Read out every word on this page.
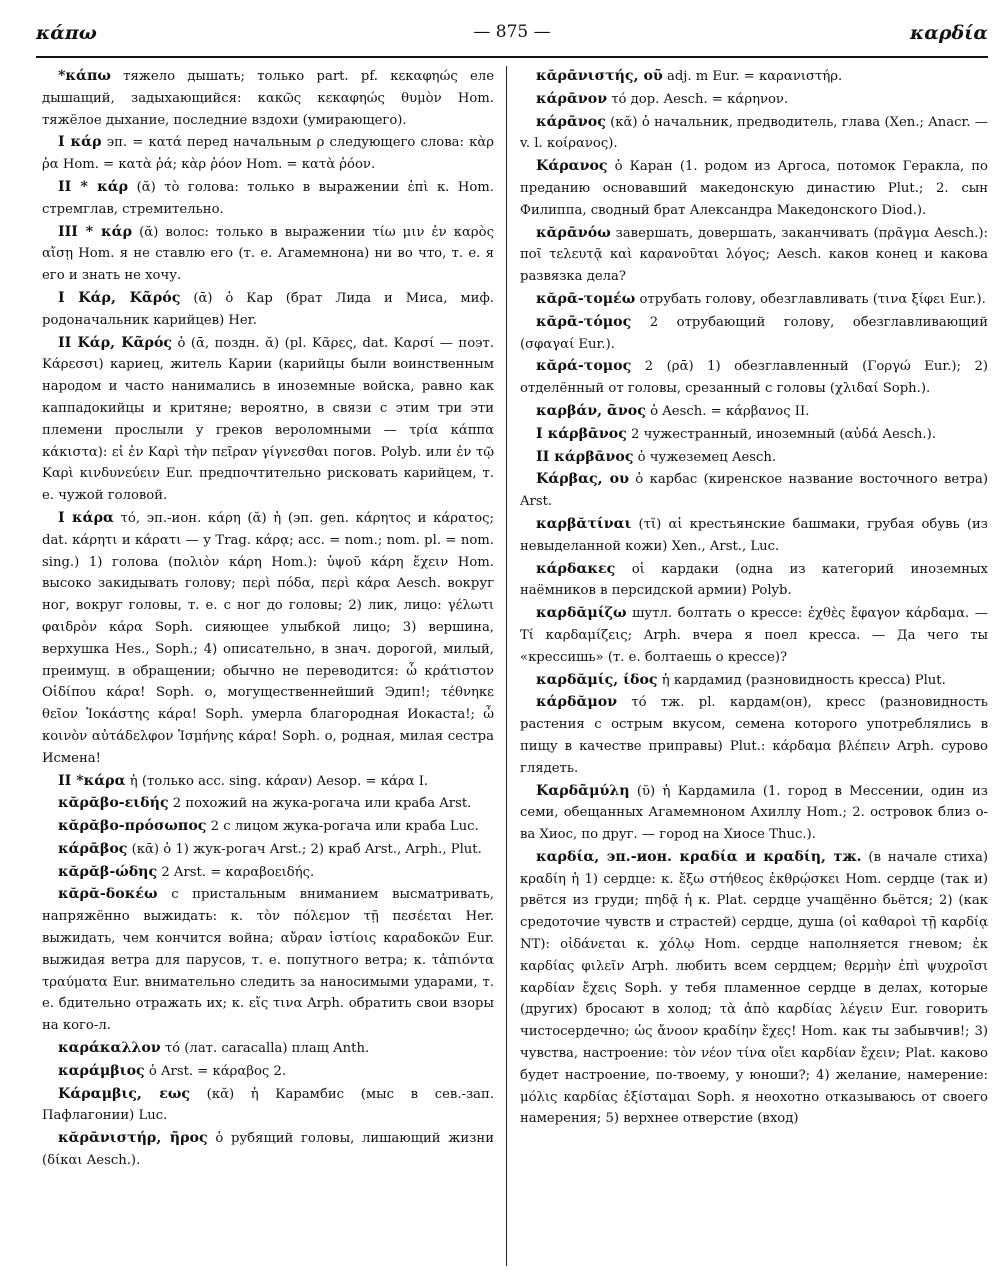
κάπω	— 875 —	καρδία

*κάπω тяжело дышать; только part. pf. κεκαφηώς еле дышащий, задыхающийся: κακῶς κεκαφηώς θυμὸν Hom. тяжёлое дыхание, последние вздохи (умирающего).

I κάρ эп. = κατά перед начальным ρ следующего слова: κὰρ ῥα Hom. = κατὰ ῥά; κὰρ ῥόον Hom. = κατὰ ῥόον.

II * κάρ (ᾰ) τὸ голова: только в выражении ἐπὶ κ. Hom. стремглав, стремительно.

III * κάρ (ᾰ) волос: только в выражении τίω μιν ἐν καρὸς αἴσῃ Hom. я не ставлю его (т. е. Агамемнона) ни во что, т. е. я его и знать не хочу.

I Κάρ, Κᾶρός (ᾱ) ὁ Кар (брат Лида и Миса, миф. родоначальник карийцев) Her.

II Κάρ, Κᾶρός ὁ (ᾱ, поздн. ᾰ) (pl. Κᾶρες, dat. Καρσί — поэт. Κάρεσσι) кариец, житель Карии (карийцы были воинственным народом и часто нанимались в иноземные войска, равно как каппадокийцы и критяне; вероятно, в связи с этим три эти племени прослыли у греков вероломными — τρία κάππα κάκιστα): εἰ ἐν Καρὶ τὴν πεῖραν γίγνεσθαι погов. Polyb. или ἐν τῷ Καρὶ κινδυνεύειν Eur. предпочтительно рисковать карийцем, т. е. чужой головой.

I κάρα τό, эп.-ион. κάρη (ᾰ) ἡ (эп. gen. κάρητος и κάρατος; dat. κάρητι и κάρατι — у Trag. κάρᾳ; acc. = nom.; nom. pl. = nom. sing.) 1) голова (πολιὸν κάρη Hom.): ὑψοῦ κάρη ἔχειν Hom. высоко закидывать голову; περὶ πόδα, περὶ κάρα Aesch. вокруг ног, вокруг головы, т. е. с ног до головы; 2) лик, лицо: γέλωτι φαιδρὸν κάρα Soph. сияющее улыбкой лицо; 3) вершина, верхушка Hes., Soph.; 4) описательно, в знач. дорогой, милый, преимущ. в обращении; обычно не переводится: ὦ κράτιστον Οἰδίπου κάρα! Soph. о, могущественнейший Эдип!; τέθνηκε θεῖον Ἰοκάστης κάρα! Soph. умерла благородная Иокаста!; ὦ κοινὸν αὐτάδελφον Ἰσμήνης κάρα! Soph. о, родная, милая сестра Исмена!

II *κάρα ἡ (только acc. sing. κάραν) Aesop. = κάρα I.

κᾰρᾰβο-ειδής 2 похожий на жука-рогача или краба Arst.

κᾰρᾰβο-πρόσωπος 2 с лицом жука-рогача или краба Luc.

κάρᾱβος (κᾱ) ὁ 1) жук-рогач Arst.; 2) краб Arst., Arph., Plut.

κᾰρᾰβ-ώδης 2 Arst. = καραβοειδής.

κᾰρᾰ-δοκέω с пристальным вниманием высматривать, напряжённо выжидать: κ. τὸν πόλεμον τῇ πεσέεται Her. выжидать, чем кончится война; αὔραν ἱστίοις καραδοκῶν Eur. выжидая ветра для парусов, т. е. попутного ветра; κ. τἀπιόντα τραύματα Eur. внимательно следить за наносимыми ударами, т. е. бдительно отражать их; κ. εἴς τινα Arph. обратить свои взоры на кого-л.

καράκαλλον τό (лат. caracalla) плащ Anth.

καράμβιος ὁ Arst. = κάραβος 2.

Κάραμβις, εως (κᾰ) ἡ Карамбис (мыс в сев.-зап. Пафлагонии) Luc.

κᾰρᾱνιστήρ, ῆρος ὁ рубящий головы, лишающий жизни (δίκαι Aesch.).

κᾰρᾱνιστής, οῦ adj. m Eur. = καρανιστήρ.

κάρᾱνον τό дор. Aesch. = κάρηνον.

κάρᾱνος (κᾰ) ὁ начальник, предводитель, глава (Xen.; Anacr. — v. l. κοίρανος).

Κάρανος ὁ Каран (1. родом из Аргоса, потомок Геракла, по преданию основавший македонскую династию Plut.; 2. сын Филиппа, сводный брат Александра Македонского Diod.).

κᾰρᾱνόω завершать, довершать, заканчивать (πρᾶγμα Aesch.): ποῖ τελευτᾷ καὶ καρανοῦται λόγος; Aesch. каков конец и какова развязка дела?

κᾰρᾱ-τομέω отрубать голову, обезглавливать (τινα ξίφει Eur.).

κᾰρᾱ-τόμος 2 отрубающий голову, обезглавливающий (σφαγαί Eur.).

κᾰρά-τομος 2 (ρᾱ) 1) обезглавленный (Γοργώ Eur.); 2) отделённый от головы, срезанный с головы (χλιδαί Soph.).

καρβάν, ᾶνος ὁ Aesch. = κάρβανος II.

I κάρβᾱνος 2 чужестранный, иноземный (αὐδά Aesch.).

II κάρβᾱνος ὁ чужеземец Aesch.

Κάρβας, ου ὁ карбас (киренское название восточного ветра) Arst.

καρβᾰτίναι (τῐ) αἱ крестьянские башмаки, грубая обувь (из невыделанной кожи) Xen., Arst., Luc.

κάρδακες οἱ кардаки (одна из категорий иноземных наёмников в персидской армии) Polyb.

καρδᾰμίζω шутл. болтать о крессе: ἐχθὲς ἔφαγον κάρδαμα. — Τί καρδαμίζεις; Arph. вчера я поел кресса. — Да чего ты «крессишь» (т. е. болтаешь о крессе)?

καρδᾰμίς, ίδος ἡ кардамид (разновидность кресса) Plut.

κάρδᾰμον τό тж. pl. кардам(он), кресс (разновидность растения с острым вкусом, семена которого употреблялись в пищу в качестве приправы) Plut.: κάρδαμα βλέπειν Arph. сурово глядеть.

Καρδᾶμύλη (ῠ) ἡ Кардамила (1. город в Мессении, один из семи, обещанных Агамемноном Ахиллу Hom.; 2. островок близ о-ва Хиос, по друг. — город на Хиосе Thuc.).

καρδία, эп.-ион. κραδία и κραδίη, тж. (в начале стиха) κραδίη ἡ 1) сердце: κ. ἔξω στήθεος ἐκθρῴσκει Hom. сердце (так и) рвётся из груди; πηδᾷ ἡ κ. Plat. сердце учащённо бьётся; 2) (как средоточие чувств и страстей) сердце, душа (οἱ καθαροὶ τῇ καρδίᾳ NT): οἰδάνεται κ. χόλῳ Hom. сердце наполняется гневом; ἐκ καρδίας φιλεῖν Arph. любить всем сердцем; θερμὴν ἐπὶ ψυχροῖσι καρδίαν ἔχεις Soph. у тебя пламенное сердце в делах, которые (других) бросают в холод; τὰ ἀπὸ καρδίας λέγειν Eur. говорить чистосердечно; ὡς ἄνοον κραδίην ἔχες! Hom. как ты забывчив!; 3) чувства, настроение: τὸν νέον τίνα οἴει καρδίαν ἔχειν; Plat. каково будет настроение, по-твоему, у юноши?; 4) желание, намерение: μόλις καρδίας ἐξίσταμαι Soph. я неохотно отказываюсь от своего намерения; 5) верхнее отверстие (вход)
